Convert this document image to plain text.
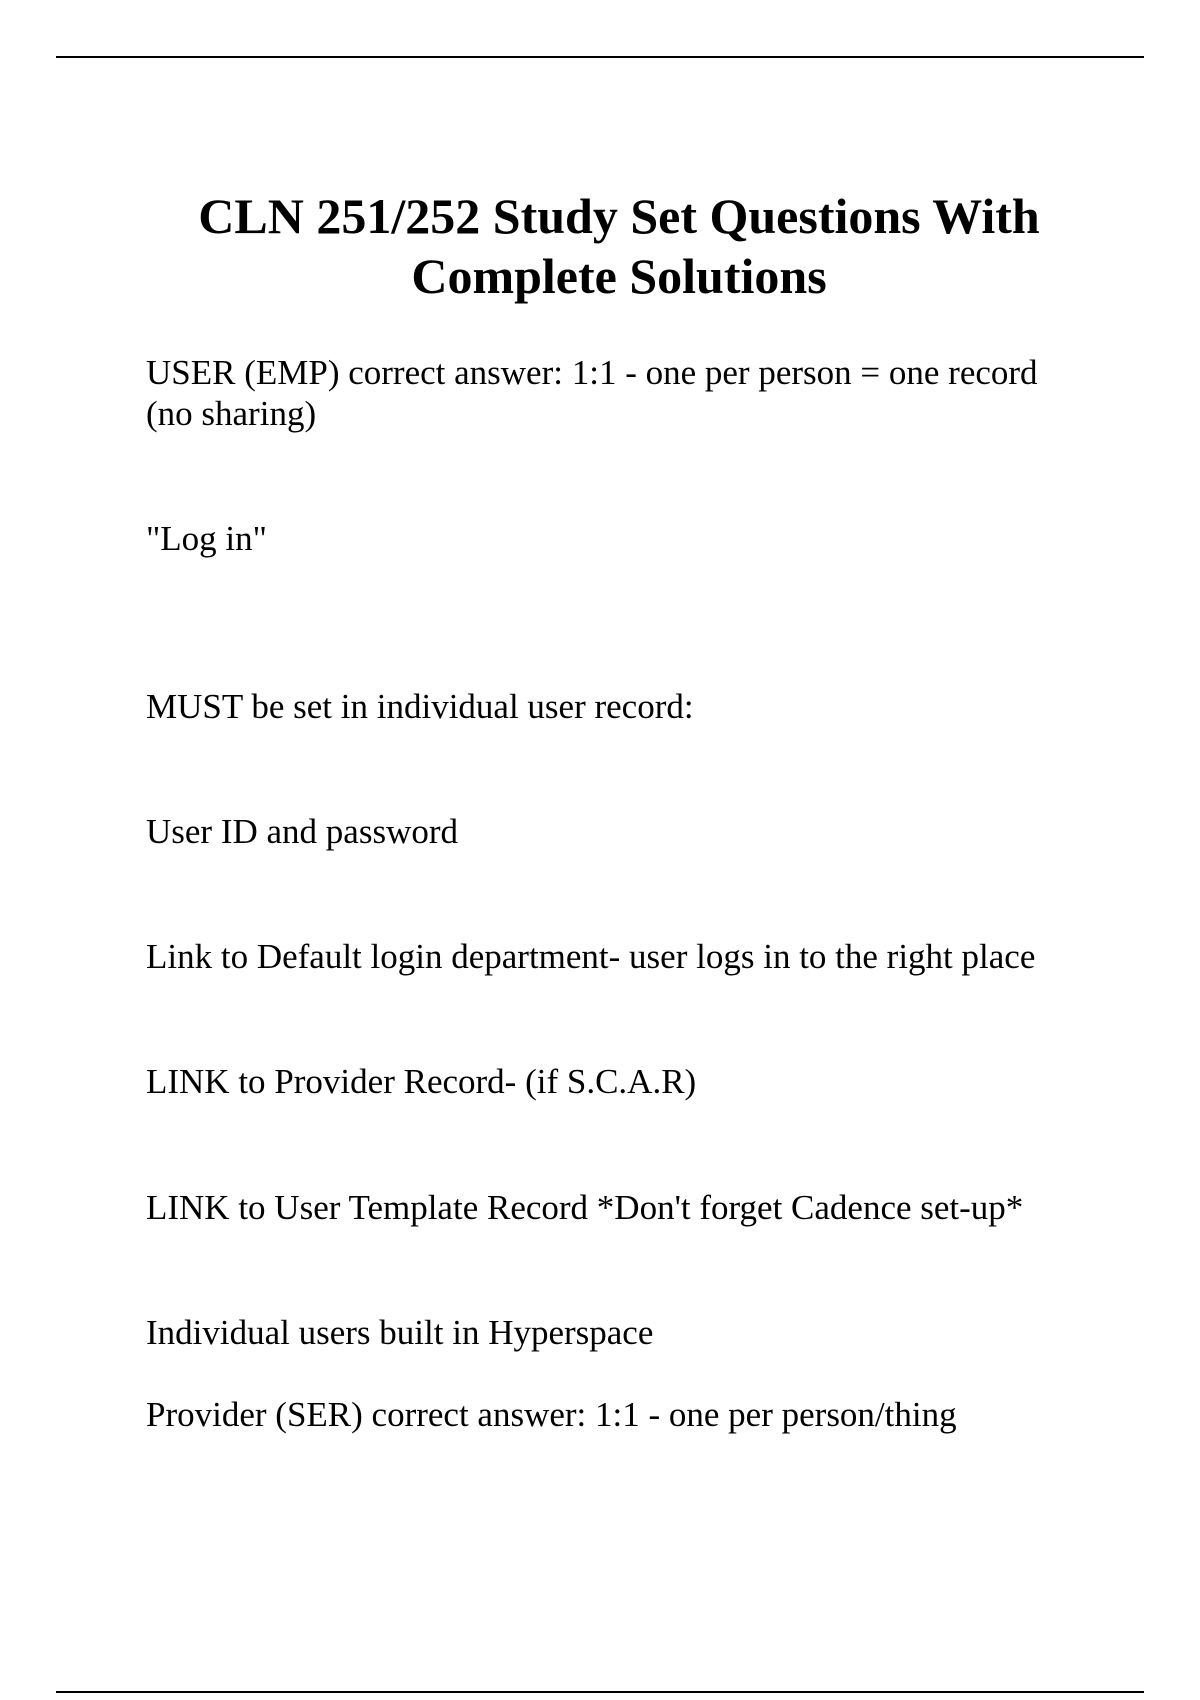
CLN 251/252 Study Set Questions With
Complete Solutions

USER (EMP) correct answer: 1:1 - one per person = one record

(no sharing)

"Log in"

MUST be set in individual user record:

User ID and password

Link to Default login department- user logs in to the right place

LINK to Provider Record- (if S.C.A.R)

LINK to User Template Record *Don't forget Cadence set-up*

Individual users built in Hyperspace

Provider (SER) correct answer: 1:1 - one per person/thing
